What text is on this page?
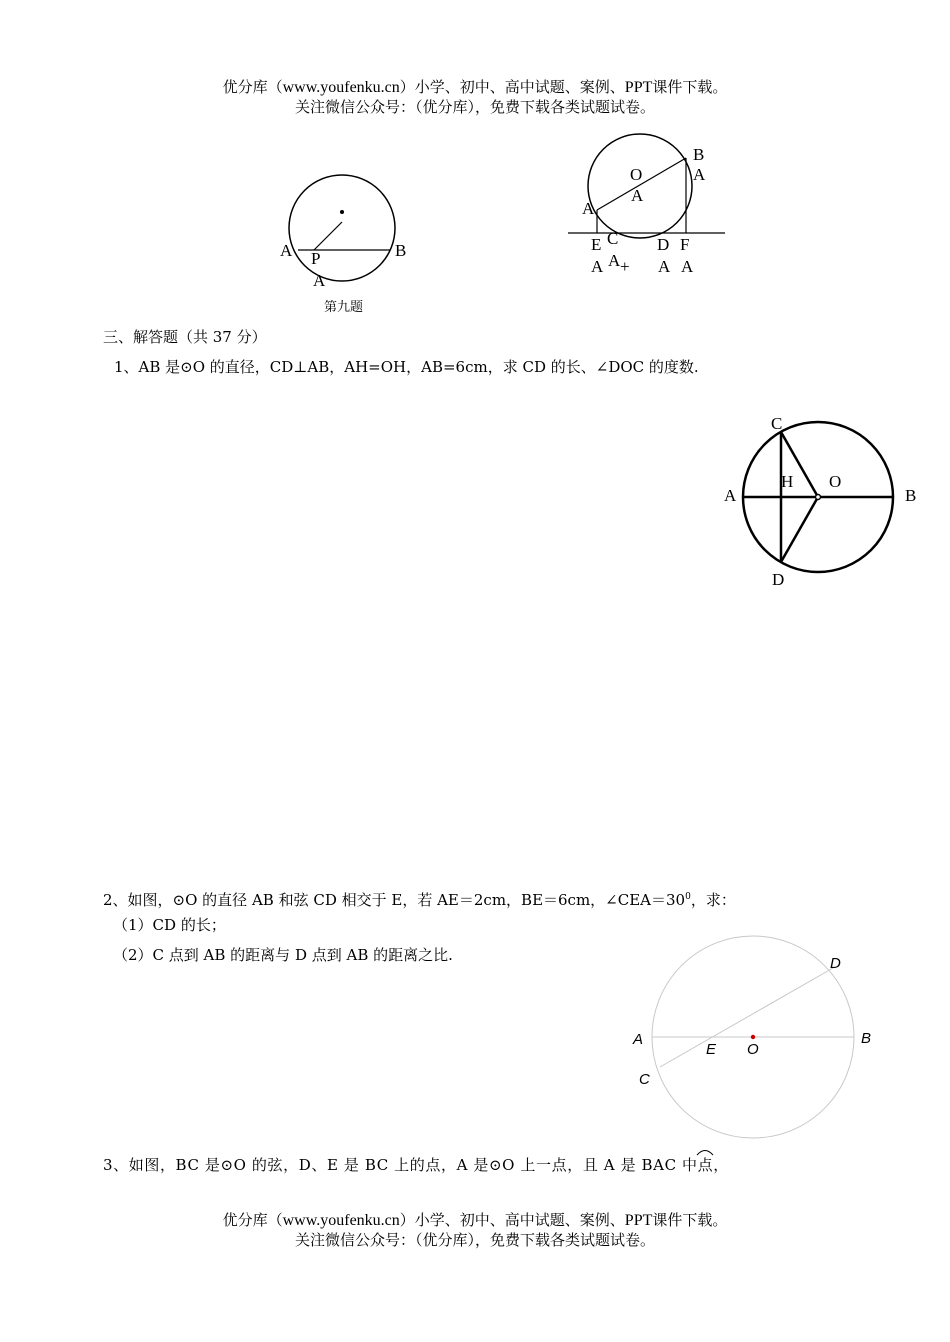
优分库（www.youfenku.cn）小学、初中、高中试题、案例、PPT课件下载。
关注微信公众号：（优分库），免费下载各类试题试卷。
A	B
P
A
第九题
B
A
O
A
A
E C D F
A A + A A
C
H O
A	B
D
D
A
E O
B
C
三、解答题（共 37 分）
1、AB 是⊙O 的直径，CD⊥AB，AH=OH，AB=6cm，求 CD 的长、∠DOC 的度数.
2、如图，⊙O 的直径 AB 和弦 CD 相交于 E，若 AE＝2cm，BE＝6cm，$\angle CEA=30^0$，求：
（1）CD 的长；
（2）C 点到 AB 的距离与 D 点到 AB 的距离之比.
3、如图，BC 是⊙O 的弦，D、E 是 BC 上的点，A 是⊙O 上一点，且 A 是 BAC 中点，
优分库（www.youfenku.cn）小学、初中、高中试题、案例、PPT课件下载。
关注微信公众号：（优分库），免费下载各类试题试卷。
